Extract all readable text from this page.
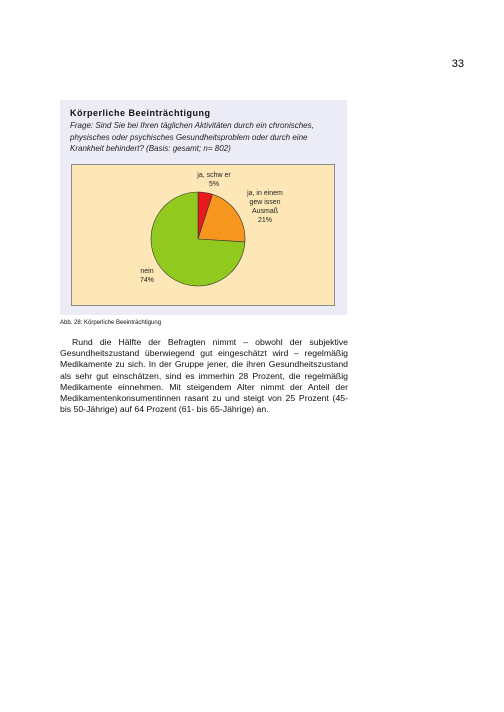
33
Körperliche Beeinträchtigung
Frage: Sind Sie bei Ihren täglichen Aktivitäten durch ein chronisches, physisches oder psychisches Gesundheitsproblem oder durch eine Krankheit behindert? (Basis: gesamt; n= 802)
ja, schw er 5%
ja, in einem gew issen Ausmaß 21%
nein 74%
Abb. 28: Körperliche Beeinträchtigung
Rund die Hälfte der Befragten nimmt – obwohl der subjektive Gesundheitszustand überwiegend gut eingeschätzt wird – regelmäßig Medikamente zu sich. In der Gruppe jener, die ihren Gesundheitszustand als sehr gut einschätzen, sind es immerhin 28 Prozent, die regelmäßig Medikamente einnehmen. Mit steigendem Alter nimmt der Anteil der Medikamentenkonsumentinnen rasant zu und steigt von 25 Prozent (45- bis 50-Jährige) auf 64 Prozent (61- bis 65-Jährige) an.
